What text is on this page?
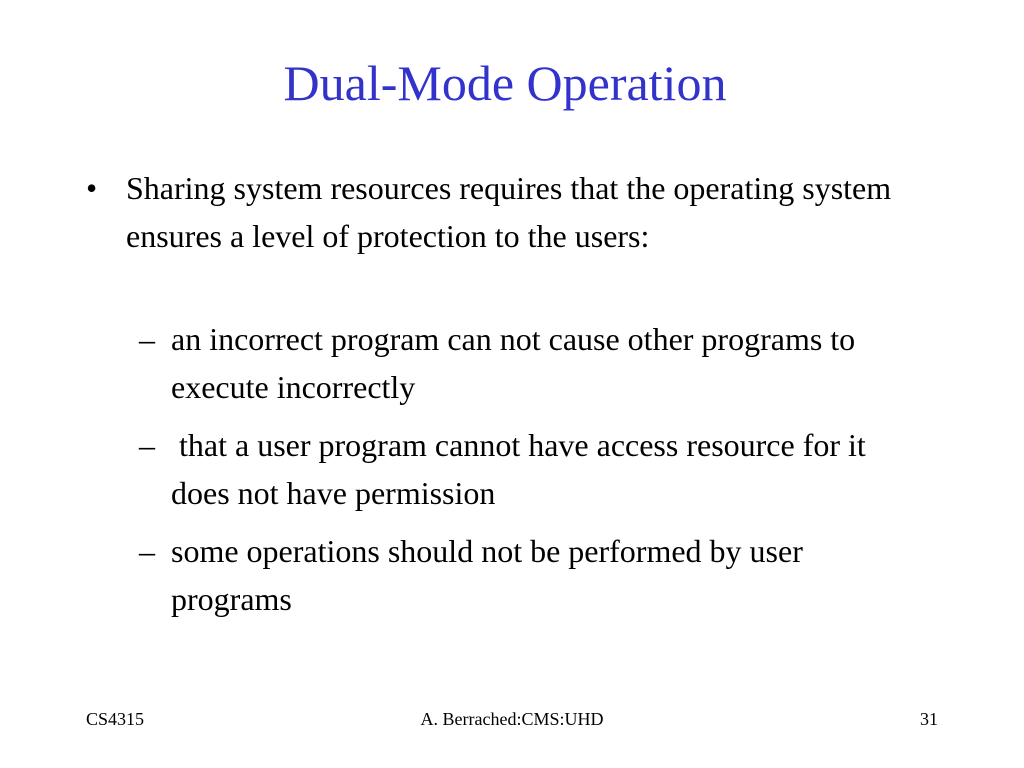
Dual-Mode Operation
• Sharing system resources requires that the operating system ensures a level of protection to the users:
– an incorrect program can not cause other programs to execute incorrectly
– that a user program cannot have access resource for it does not have permission
– some operations should not be performed by user programs
CS4315	A. Berrached:CMS:UHD	31
